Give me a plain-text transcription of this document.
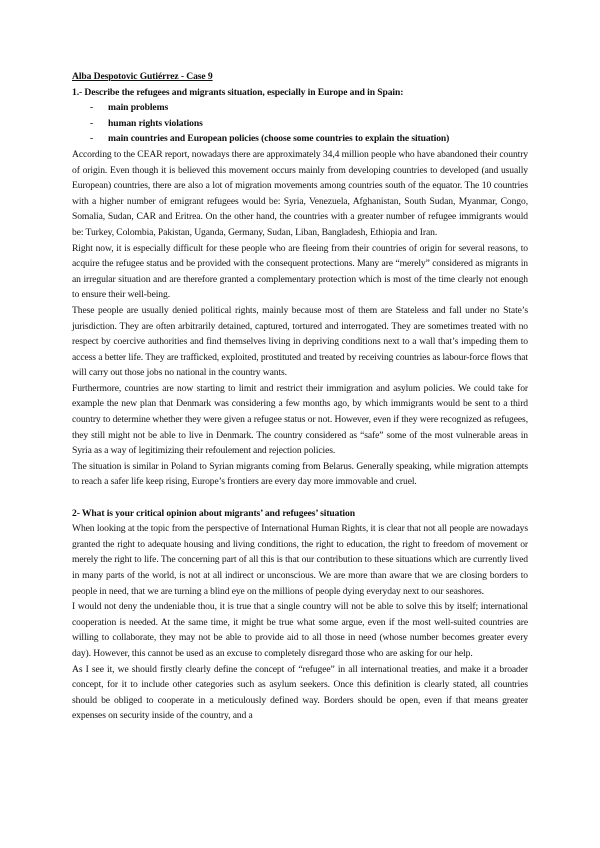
Alba Despotovic Gutiérrez - Case 9

1.- Describe the refugees and migrants situation, especially in Europe and in Spain:
- main problems
- human rights violations
- main countries and European policies (choose some countries to explain the situation)

According to the CEAR report, nowadays there are approximately 34,4 million people who have abandoned their country of origin. Even though it is believed this movement occurs mainly from developing countries to developed (and usually European) countries, there are also a lot of migration movements among countries south of the equator. The 10 countries with a higher number of emigrant refugees would be: Syria, Venezuela, Afghanistan, South Sudan, Myanmar, Congo, Somalia, Sudan, CAR and Eritrea. On the other hand, the countries with a greater number of refugee immigrants would be: Turkey, Colombia, Pakistan, Uganda, Germany, Sudan, Liban, Bangladesh, Ethiopia and Iran.

Right now, it is especially difficult for these people who are fleeing from their countries of origin for several reasons, to acquire the refugee status and be provided with the consequent protections. Many are “merely” considered as migrants in an irregular situation and are therefore granted a complementary protection which is most of the time clearly not enough to ensure their well-being.

These people are usually denied political rights, mainly because most of them are Stateless and fall under no State’s jurisdiction. They are often arbitrarily detained, captured, tortured and interrogated. They are sometimes treated with no respect by coercive authorities and find themselves living in depriving conditions next to a wall that’s impeding them to access a better life. They are trafficked, exploited, prostituted and treated by receiving countries as labour-force flows that will carry out those jobs no national in the country wants.

Furthermore, countries are now starting to limit and restrict their immigration and asylum policies. We could take for example the new plan that Denmark was considering a few months ago, by which immigrants would be sent to a third country to determine whether they were given a refugee status or not. However, even if they were recognized as refugees, they still might not be able to live in Denmark. The country considered as “safe” some of the most vulnerable areas in Syria as a way of legitimizing their refoulement and rejection policies.

The situation is similar in Poland to Syrian migrants coming from Belarus. Generally speaking, while migration attempts to reach a safer life keep rising, Europe’s frontiers are every day more immovable and cruel.

2- What is your critical opinion about migrants’ and refugees’ situation

When looking at the topic from the perspective of International Human Rights, it is clear that not all people are nowadays granted the right to adequate housing and living conditions, the right to education, the right to freedom of movement or merely the right to life. The concerning part of all this is that our contribution to these situations which are currently lived in many parts of the world, is not at all indirect or unconscious. We are more than aware that we are closing borders to people in need, that we are turning a blind eye on the millions of people dying everyday next to our seashores.

I would not deny the undeniable thou, it is true that a single country will not be able to solve this by itself; international cooperation is needed. At the same time, it might be true what some argue, even if the most well-suited countries are willing to collaborate, they may not be able to provide aid to all those in need (whose number becomes greater every day). However, this cannot be used as an excuse to completely disregard those who are asking for our help.

As I see it, we should firstly clearly define the concept of “refugee” in all international treaties, and make it a broader concept, for it to include other categories such as asylum seekers. Once this definition is clearly stated, all countries should be obliged to cooperate in a meticulously defined way. Borders should be open, even if that means greater expenses on security inside of the country, and a
